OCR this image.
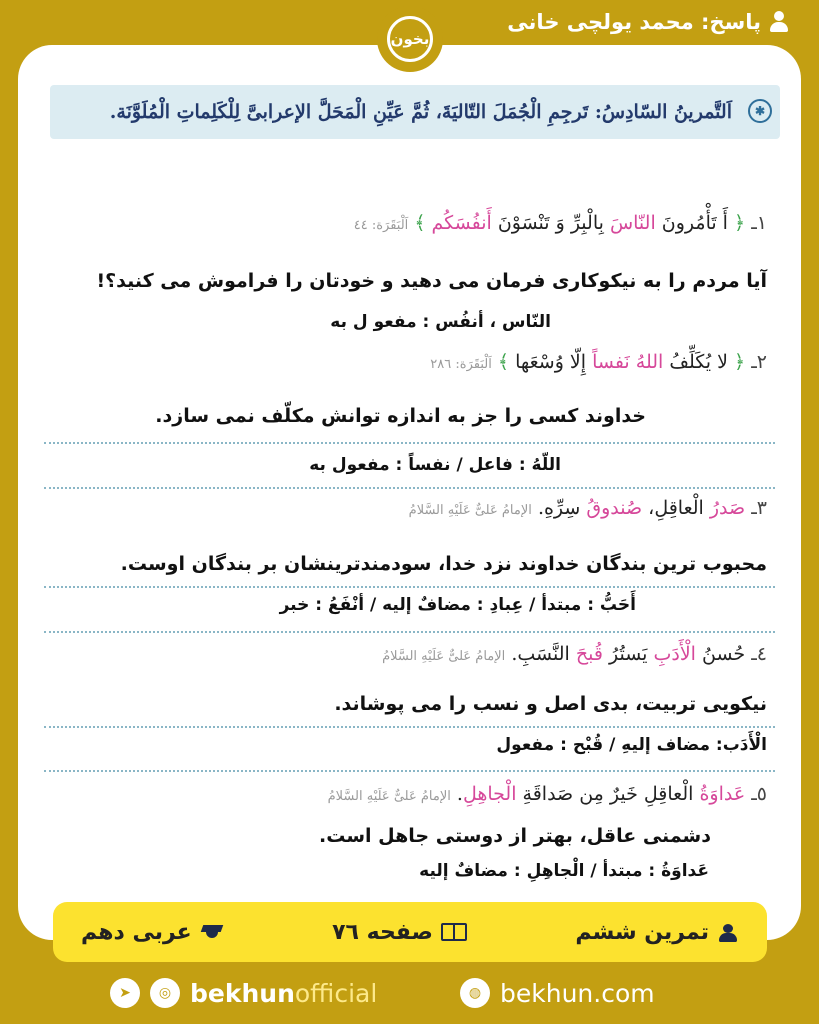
پاسخ: محمد یولچی خانی
بخون
✱
اَلتَّمرینُ السّادِسُ: تَرجِمِ الْجُمَلَ التّالیَةَ، ثُمَّ عَیِّنِ الْمَحَلَّ الإعرابیَّ لِلْکَلِماتِ الْمُلَوَّنَة.
١ـ ﴿ أَ تَأْمُرونَ النّاسَ بِالْبِرِّ وَ تَنْسَوْنَ أَنفُسَکُم ﴾ اَلْبَقَرَة: ٤٤
آیا مردم را به نیکوکاری فرمان می دهید و خودتان را فراموش می کنید؟!
النّاس ، أنفُس : مفعو ل به
٢ـ ﴿ لا یُکَلِّفُ اللهُ نَفساً إِلّا وُسْعَها ﴾ اَلْبَقَرَة: ٢٨٦
خداوند کسی را جز به اندازه توانش مکلّف نمی سازد.
اللّهُ : فاعل / نفساً : مفعول به
٣ـ صَدرُ الْعاقِلِ، صُندوقُ سِرِّهِ. الإمامُ عَلیٌّ عَلَیْهِ السَّلامُ
محبوب ترین بندگان خداوند نزد خدا، سودمندترینشان بر بندگان اوست.
أَحَبُّ : مبتدأ / عِبادِ : مضافٌ إلیه / أنْفَعُ : خبر
٤ـ حُسنُ الْأَدَبِ یَستُرُ قُبحَ النَّسَبِ. الإمامُ عَلیٌّ عَلَیْهِ السَّلامُ
نیکویی تربیت، بدی اصل و نسب را می پوشاند.
الْأَدَب: مضاف إلیهِ / قُبْح : مفعول
٥ـ عَداوَةُ الْعاقِلِ خَیرٌ مِن صَداقَةِ الْجاهِلِ. الإمامُ عَلیٌّ عَلَیْهِ السَّلامُ
دشمنی عاقل، بهتر از دوستی جاهل است.
عَداوَةُ : مبتدأ / الْجاهِلِ : مضافٌ إلیه
تمرین ششم
صفحه ٧٦
عربی دهم
➤	◎ bekhunofficial	◍ bekhun.com
